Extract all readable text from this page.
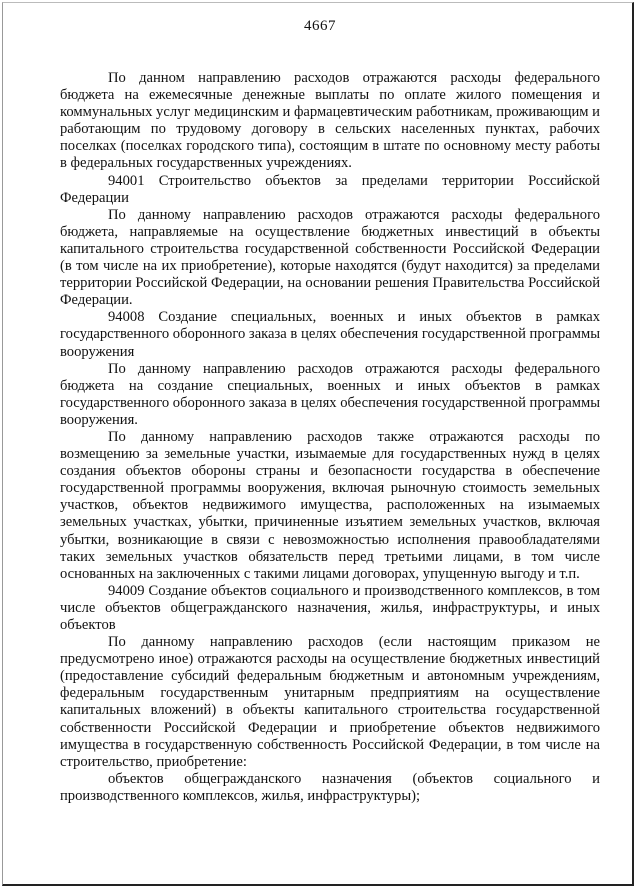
4667

По данном направлению расходов отражаются расходы федерального бюджета на ежемесячные денежные выплаты по оплате жилого помещения и коммунальных услуг медицинским и фармацевтическим работникам, проживающим и работающим по трудовому договору в сельских населенных пунктах, рабочих поселках (поселках городского типа), состоящим в штате по основному месту работы в федеральных государственных учреждениях.

94001 Строительство объектов за пределами территории Российской Федерации

По данному направлению расходов отражаются расходы федерального бюджета, направляемые на осуществление бюджетных инвестиций в объекты капитального строительства государственной собственности Российской Федерации (в том числе на их приобретение), которые находятся (будут находится) за пределами территории Российской Федерации, на основании решения Правительства Российской Федерации.

94008 Создание специальных, военных и иных объектов в рамках государственного оборонного заказа в целях обеспечения государственной программы вооружения

По данному направлению расходов отражаются расходы федерального бюджета на создание специальных, военных и иных объектов в рамках государственного оборонного заказа в целях обеспечения государственной программы вооружения.

По данному направлению расходов также отражаются расходы по возмещению за земельные участки, изымаемые для государственных нужд в целях создания объектов обороны страны и безопасности государства в обеспечение государственной программы вооружения, включая рыночную стоимость земельных участков, объектов недвижимого имущества, расположенных на изымаемых земельных участках, убытки, причиненные изъятием земельных участков, включая убытки, возникающие в связи с невозможностью исполнения правообладателями таких земельных участков обязательств перед третьими лицами, в том числе основанных на заключенных с такими лицами договорах, упущенную выгоду и т.п.

94009 Создание объектов социального и производственного комплексов, в том числе объектов общегражданского назначения, жилья, инфраструктуры, и иных объектов

По данному направлению расходов (если настоящим приказом не предусмотрено иное) отражаются расходы на осуществление бюджетных инвестиций (предоставление субсидий федеральным бюджетным и автономным учреждениям, федеральным государственным унитарным предприятиям на осуществление капитальных вложений) в объекты капитального строительства государственной собственности Российской Федерации и приобретение объектов недвижимого имущества в государственную собственность Российской Федерации, в том числе на строительство, приобретение:

объектов общегражданского назначения (объектов социального и производственного комплексов, жилья, инфраструктуры);
